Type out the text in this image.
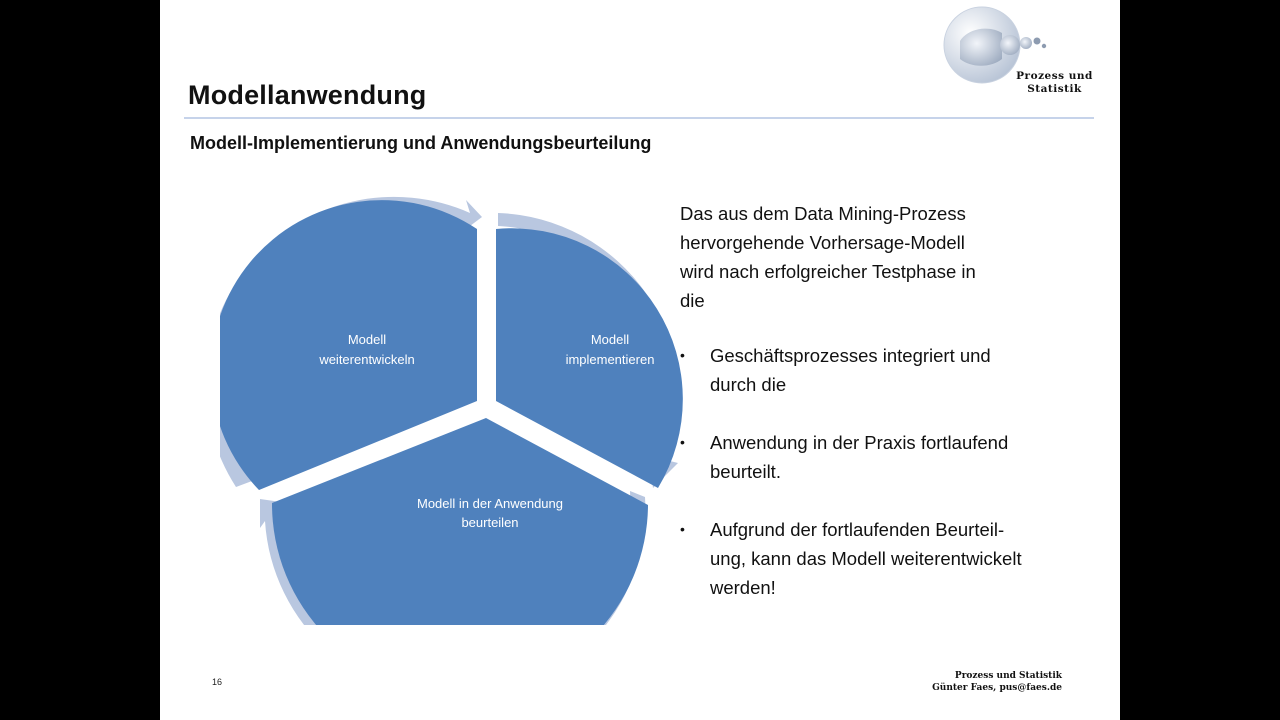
Prozess und
Statistik
Modellanwendung
Modell-Implementierung und Anwendungsbeurteilung
Modell
weiterentwickeln
Modell
implementieren
Modell in der Anwendung
beurteilen
Das aus dem Data Mining-Prozess
hervorgehende Vorhersage-Modell
wird nach erfolgreicher Testphase in
die
• Geschäftsprozesses integriert und
durch die
• Anwendung in der Praxis fortlaufend
beurteilt.
• Aufgrund der fortlaufenden Beurteil-
ung, kann das Modell weiterentwickelt
werden!
16
Prozess und Statistik
Günter Faes, pus@faes.de
